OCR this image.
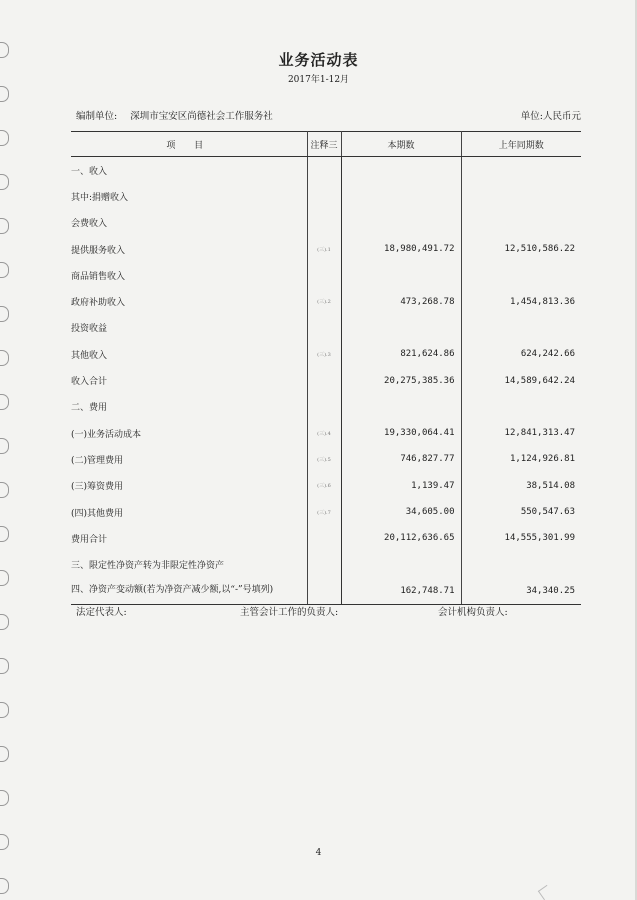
业务活动表
2017年1-12月
编制单位: 深圳市宝安区尚德社会工作服务社	单位:人民币元
项 目	注释三	本期数	上年同期数
一、收入			
其中:捐赠收入			
会费收入			
提供服务收入	(三).1	18,980,491.72	12,510,586.22
商品销售收入			
政府补助收入	(三).2	473,268.78	1,454,813.36
投资收益			
其他收入	(三).3	821,624.86	624,242.66
收入合计		20,275,385.36	14,589,642.24
二、费用			
(一)业务活动成本	(三).4	19,330,064.41	12,841,313.47
(二)管理费用	(三).5	746,827.77	1,124,926.81
(三)筹资费用	(三).6	1,139.47	38,514.08
(四)其他费用	(三).7	34,605.00	550,547.63
费用合计		20,112,636.65	14,555,301.99
三、限定性净资产转为非限定性净资产			
四、净资产变动额(若为净资产减少额,以“-”号填列)		162,748.71	34,340.25
法定代表人:	主管会计工作的负责人:	会计机构负责人:
4
